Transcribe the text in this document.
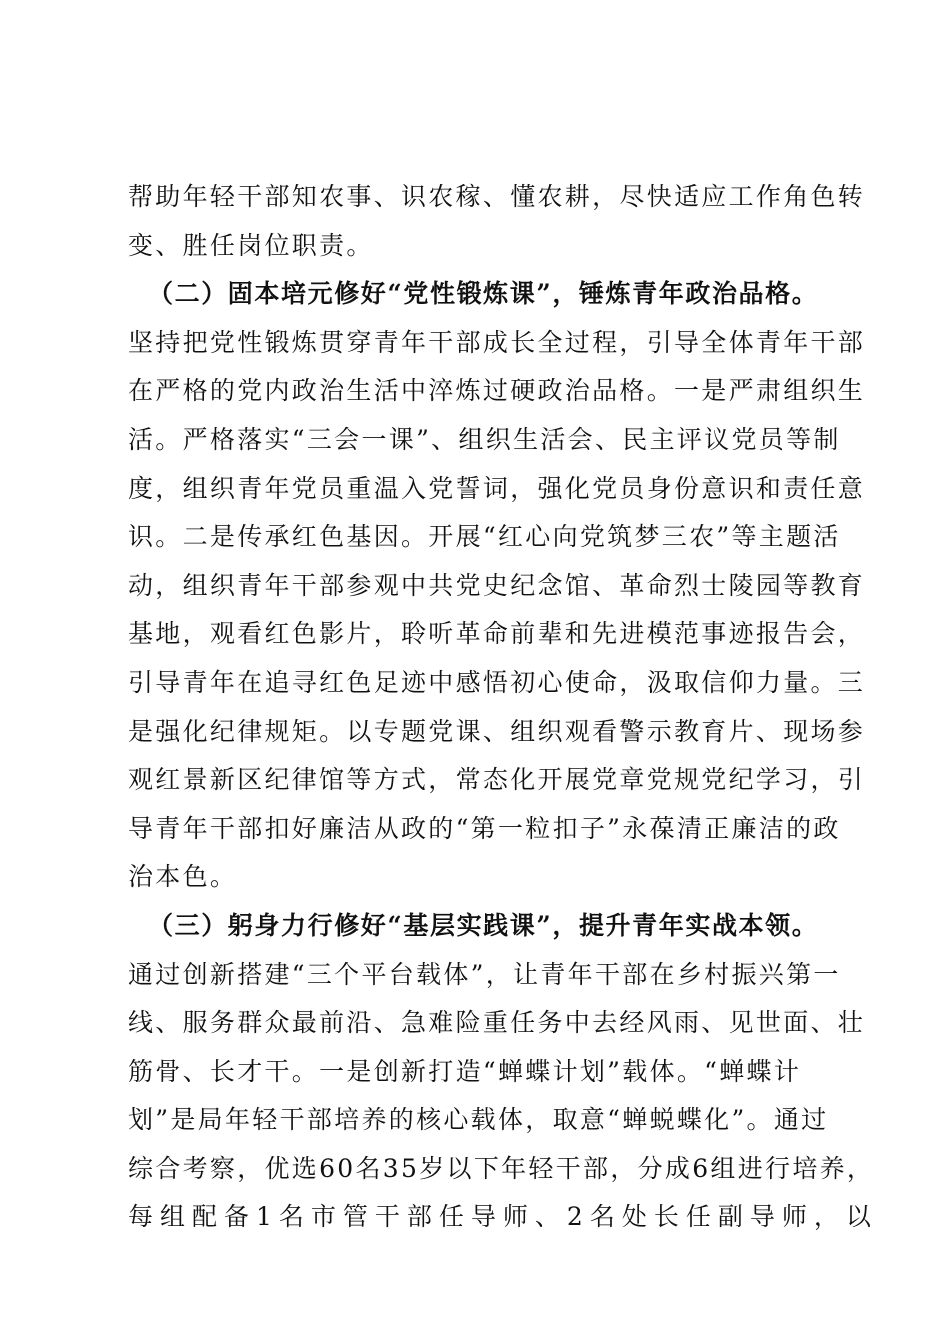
帮助年轻干部知农事、识农稼、懂农耕，尽快适应工作角色转
变、胜任岗位职责。
（二）固本培元修好“党性锻炼课”，锤炼青年政治品格。
坚持把党性锻炼贯穿青年干部成长全过程，引导全体青年干部
在严格的党内政治生活中淬炼过硬政治品格。一是严肃组织生
活。严格落实“三会一课”、组织生活会、民主评议党员等制
度，组织青年党员重温入党誓词，强化党员身份意识和责任意
识。二是传承红色基因。开展“红心向党筑梦三农”等主题活
动，组织青年干部参观中共党史纪念馆、革命烈士陵园等教育
基地，观看红色影片，聆听革命前辈和先进模范事迹报告会，
引导青年在追寻红色足迹中感悟初心使命，汲取信仰力量。三
是强化纪律规矩。以专题党课、组织观看警示教育片、现场参
观红景新区纪律馆等方式，常态化开展党章党规党纪学习，引
导青年干部扣好廉洁从政的“第一粒扣子”永葆清正廉洁的政
治本色。
（三）躬身力行修好“基层实践课”，提升青年实战本领。
通过创新搭建“三个平台载体”，让青年干部在乡村振兴第一
线、服务群众最前沿、急难险重任务中去经风雨、见世面、壮
筋骨、长才干。一是创新打造“蝉蝶计划”载体。“蝉蝶计
划”是局年轻干部培养的核心载体，取意“蝉蜕蝶化”。通过
综合考察，优选60名35岁以下年轻干部，分成6组进行培养，
每组配备1名市管干部任导师、2名处长任副导师，以
